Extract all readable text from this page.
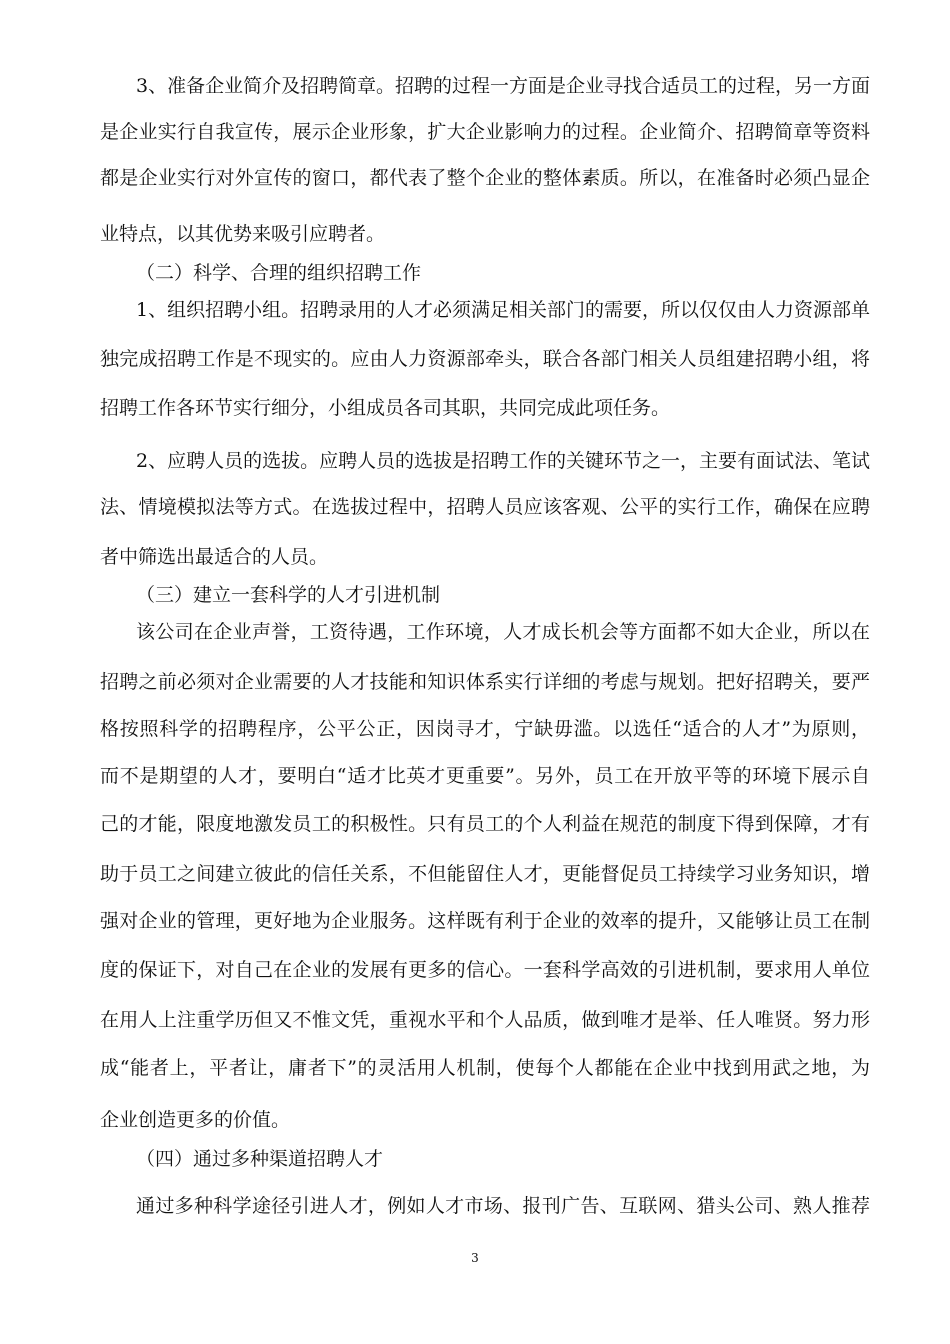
3、准备企业简介及招聘简章。招聘的过程一方面是企业寻找合适员工的过程，另一方面
是企业实行自我宣传，展示企业形象，扩大企业影响力的过程。企业简介、招聘简章等资料
都是企业实行对外宣传的窗口，都代表了整个企业的整体素质。所以，在准备时必须凸显企
业特点，以其优势来吸引应聘者。
（二）科学、合理的组织招聘工作
1、组织招聘小组。招聘录用的人才必须满足相关部门的需要，所以仅仅由人力资源部单
独完成招聘工作是不现实的。应由人力资源部牵头，联合各部门相关人员组建招聘小组，将
招聘工作各环节实行细分，小组成员各司其职，共同完成此项任务。
2、应聘人员的选拔。应聘人员的选拔是招聘工作的关键环节之一，主要有面试法、笔试
法、情境模拟法等方式。在选拔过程中，招聘人员应该客观、公平的实行工作，确保在应聘
者中筛选出最适合的人员。
（三）建立一套科学的人才引进机制
该公司在企业声誉，工资待遇，工作环境，人才成长机会等方面都不如大企业，所以在
招聘之前必须对企业需要的人才技能和知识体系实行详细的考虑与规划。把好招聘关，要严
格按照科学的招聘程序，公平公正，因岗寻才，宁缺毋滥。以选任“适合的人才”为原则，
而不是期望的人才，要明白“适才比英才更重要”。另外，员工在开放平等的环境下展示自
己的才能，限度地激发员工的积极性。只有员工的个人利益在规范的制度下得到保障，才有
助于员工之间建立彼此的信任关系，不但能留住人才，更能督促员工持续学习业务知识，增
强对企业的管理，更好地为企业服务。这样既有利于企业的效率的提升，又能够让员工在制
度的保证下，对自己在企业的发展有更多的信心。一套科学高效的引进机制，要求用人单位
在用人上注重学历但又不惟文凭，重视水平和个人品质，做到唯才是举、任人唯贤。努力形
成“能者上，平者让，庸者下”的灵活用人机制，使每个人都能在企业中找到用武之地，为
企业创造更多的价值。
（四）通过多种渠道招聘人才
通过多种科学途径引进人才，例如人才市场、报刊广告、互联网、猎头公司、熟人推荐
3
